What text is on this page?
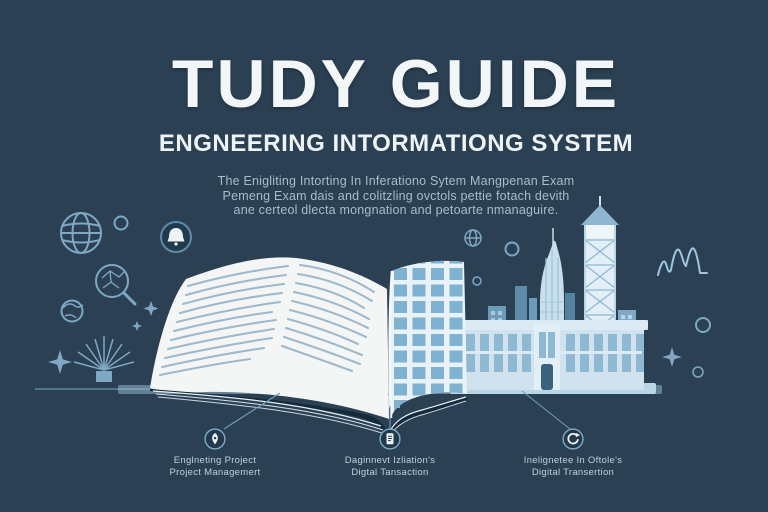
TUDY GUIDE
ENGNEERING INTORMATIONG SYSTEM

The Enigliting Intorting In Inferationo Sytem Mangpenan Exam
Pemeng Exam dais and colitzling ovctols pettie fotach devith
ane certeol dlecta mongnation and petoarte nmanaguire.

Englneting Project
Project Managemert
Daginnevt Izliation's
Digtal Tansaction
Inelignetee In Oftole's
Digital Transertion
